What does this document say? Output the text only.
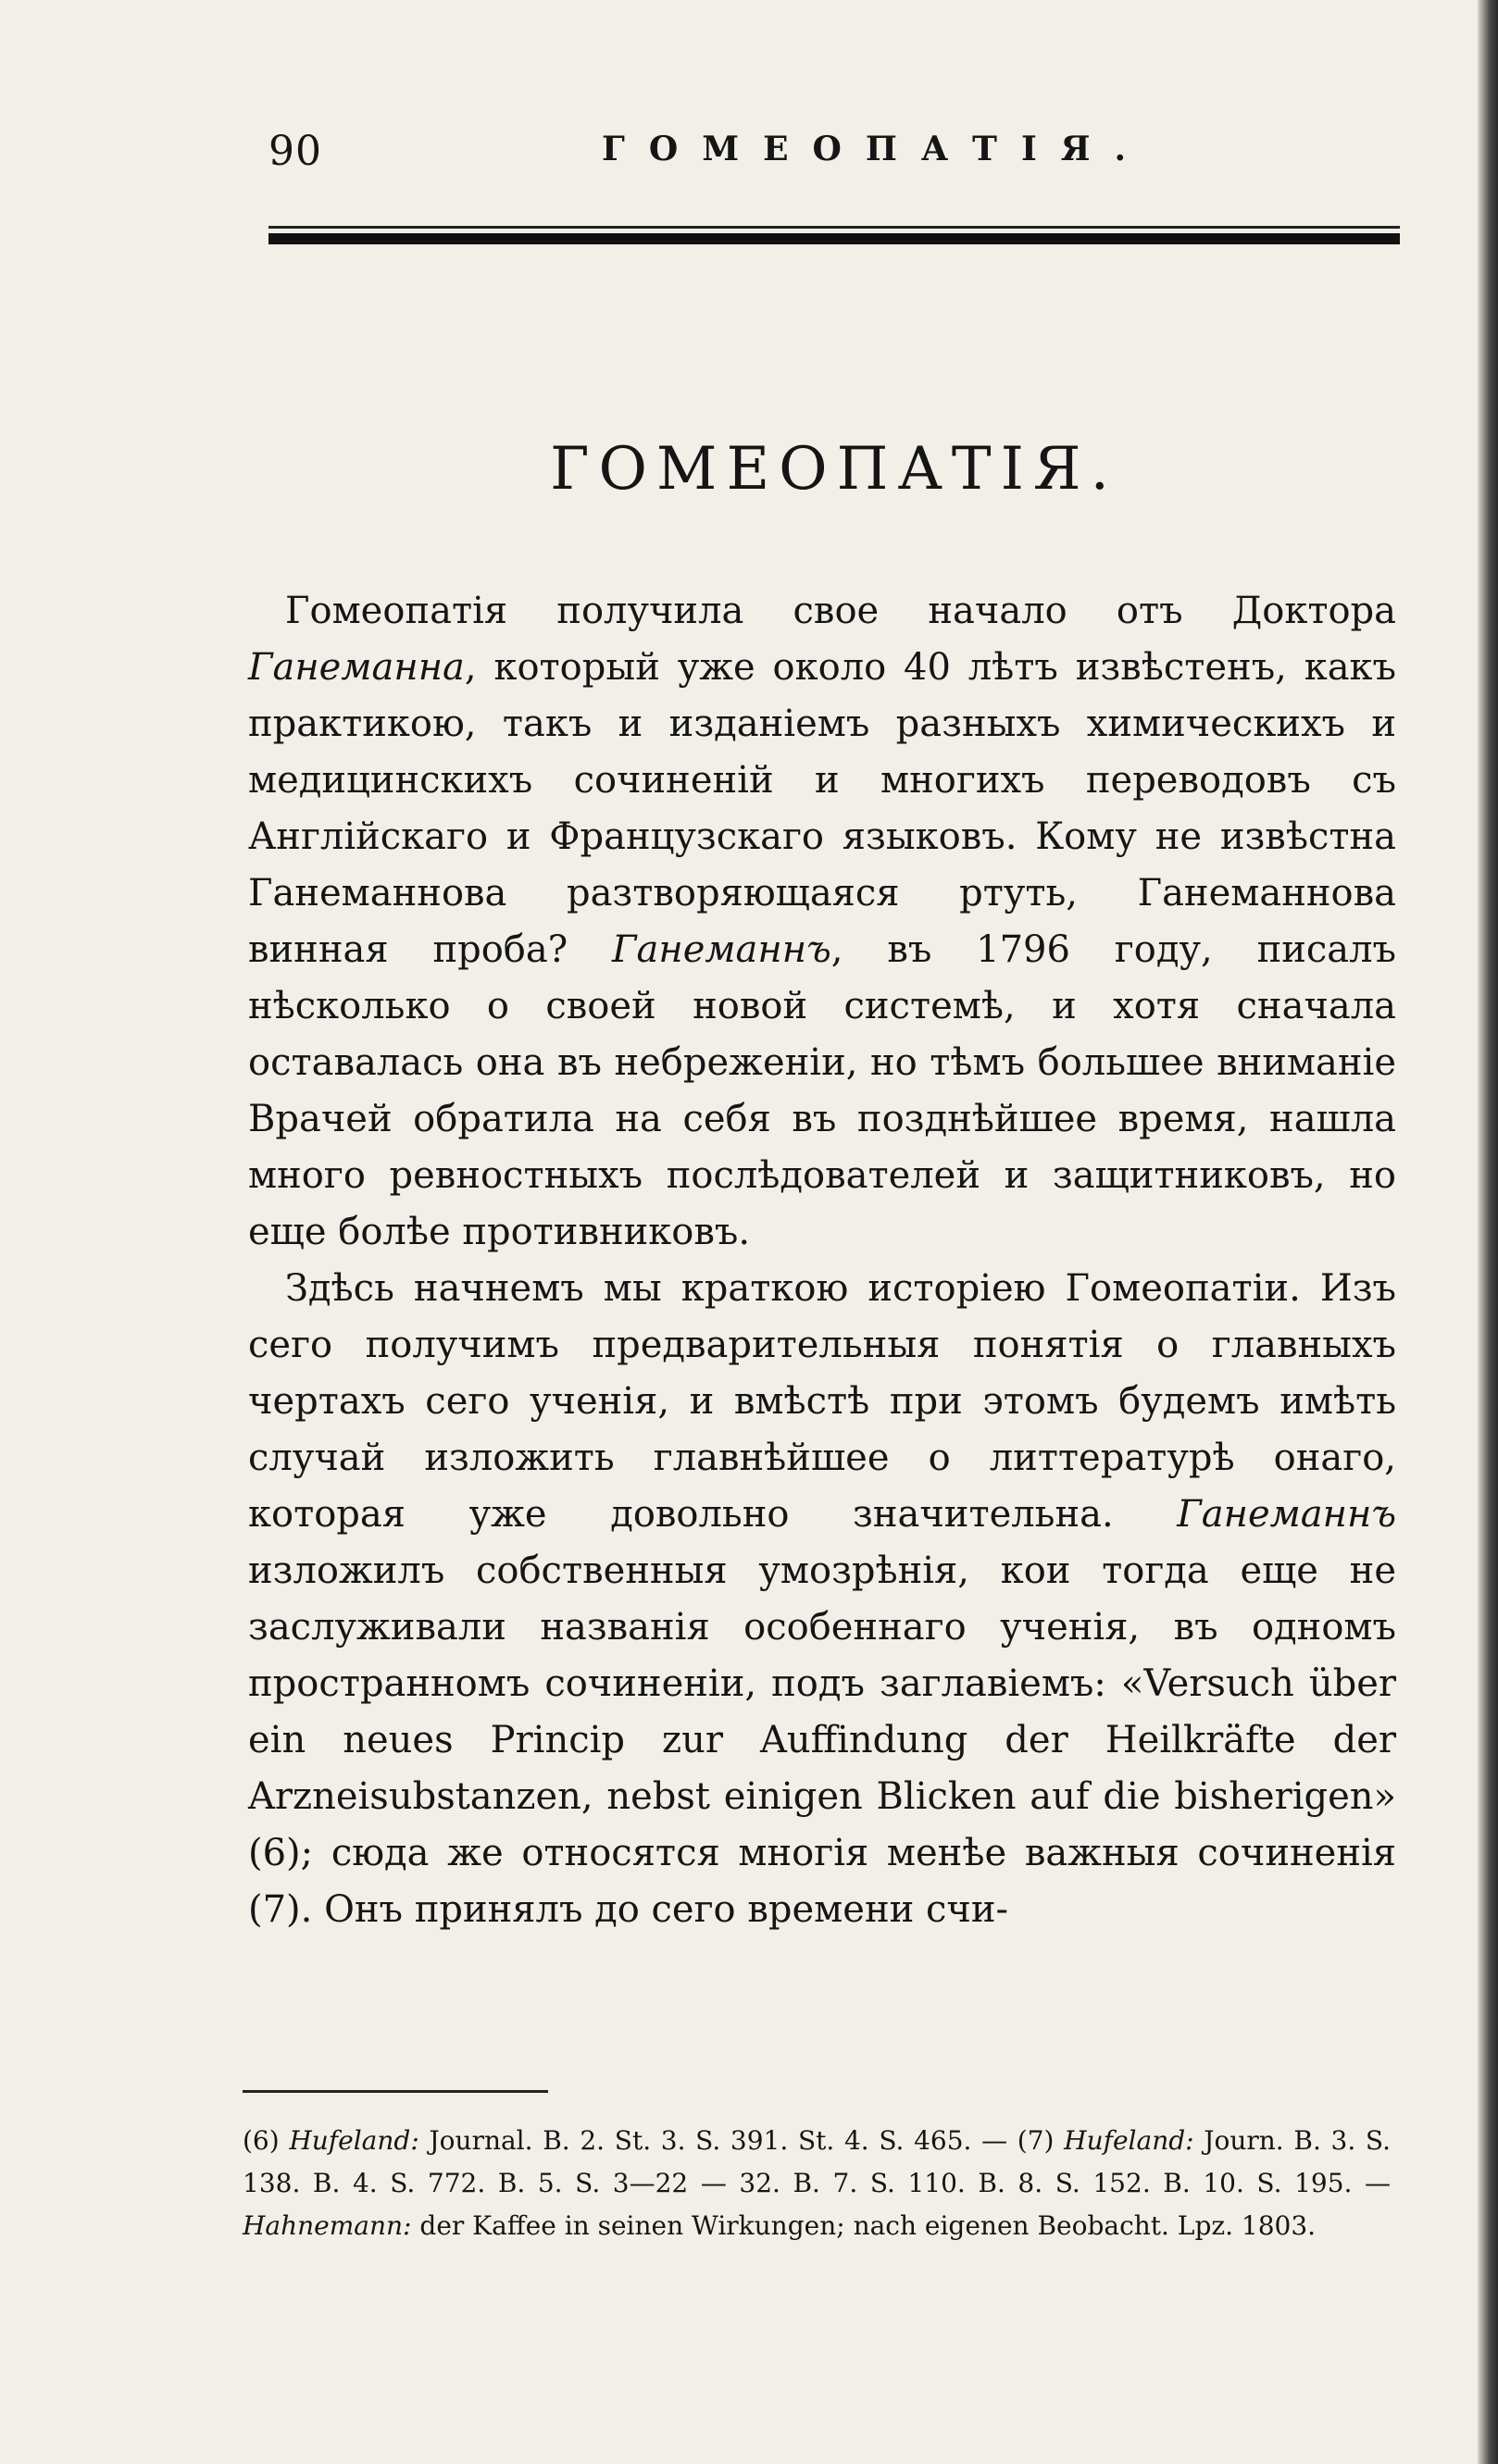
90	ГОМЕОПАТІЯ.
ГОМЕОПАТІЯ.

Гомеопатія получила свое начало отъ Доктора Ганеманна, который уже около 40 лѣтъ извѣстенъ, какъ практикою, такъ и изданіемъ разныхъ химическихъ и медицинскихъ сочиненій и многихъ переводовъ съ Англійскаго и Французскаго языковъ. Кому не извѣстна Ганеманнова разтворяющаяся ртуть, Ганеманнова винная проба? Ганеманнъ, въ 1796 году, писалъ нѣсколько о своей новой системѣ, и хотя сначала оставалась она въ небреженіи, но тѣмъ большее вниманіе Врачей обратила на себя въ позднѣйшее время, нашла много ревностныхъ послѣдователей и защитниковъ, но еще болѣе противниковъ.

Здѣсь начнемъ мы краткою исторіею Гомеопатіи. Изъ сего получимъ предварительныя понятія о главныхъ чертахъ сего ученія, и вмѣстѣ при этомъ будемъ имѣть случай изложить главнѣйшее о литтературѣ онаго, которая уже довольно значительна. Ганеманнъ изложилъ собственныя умозрѣнія, кои тогда еще не заслуживали названія особеннаго ученія, въ одномъ пространномъ сочиненіи, подъ заглавіемъ: «Versuch über ein neues Princip zur Auffindung der Heilkräfte der Arzneisubstanzen, nebst einigen Blicken auf die bisherigen» (6); сюда же относятся многія менѣе важныя сочиненія (7). Онъ принялъ до сего времени счи-

(6) Hufeland: Journal. B. 2. St. 3. S. 391. St. 4. S. 465. — (7) Hufeland: Journ. B. 3. S. 138. B. 4. S. 772. B. 5. S. 3—22 — 32. B. 7. S. 110. B. 8. S. 152. B. 10. S. 195. — Hahnemann: der Kaffee in seinen Wirkungen; nach eigenen Beobacht. Lpz. 1803.
